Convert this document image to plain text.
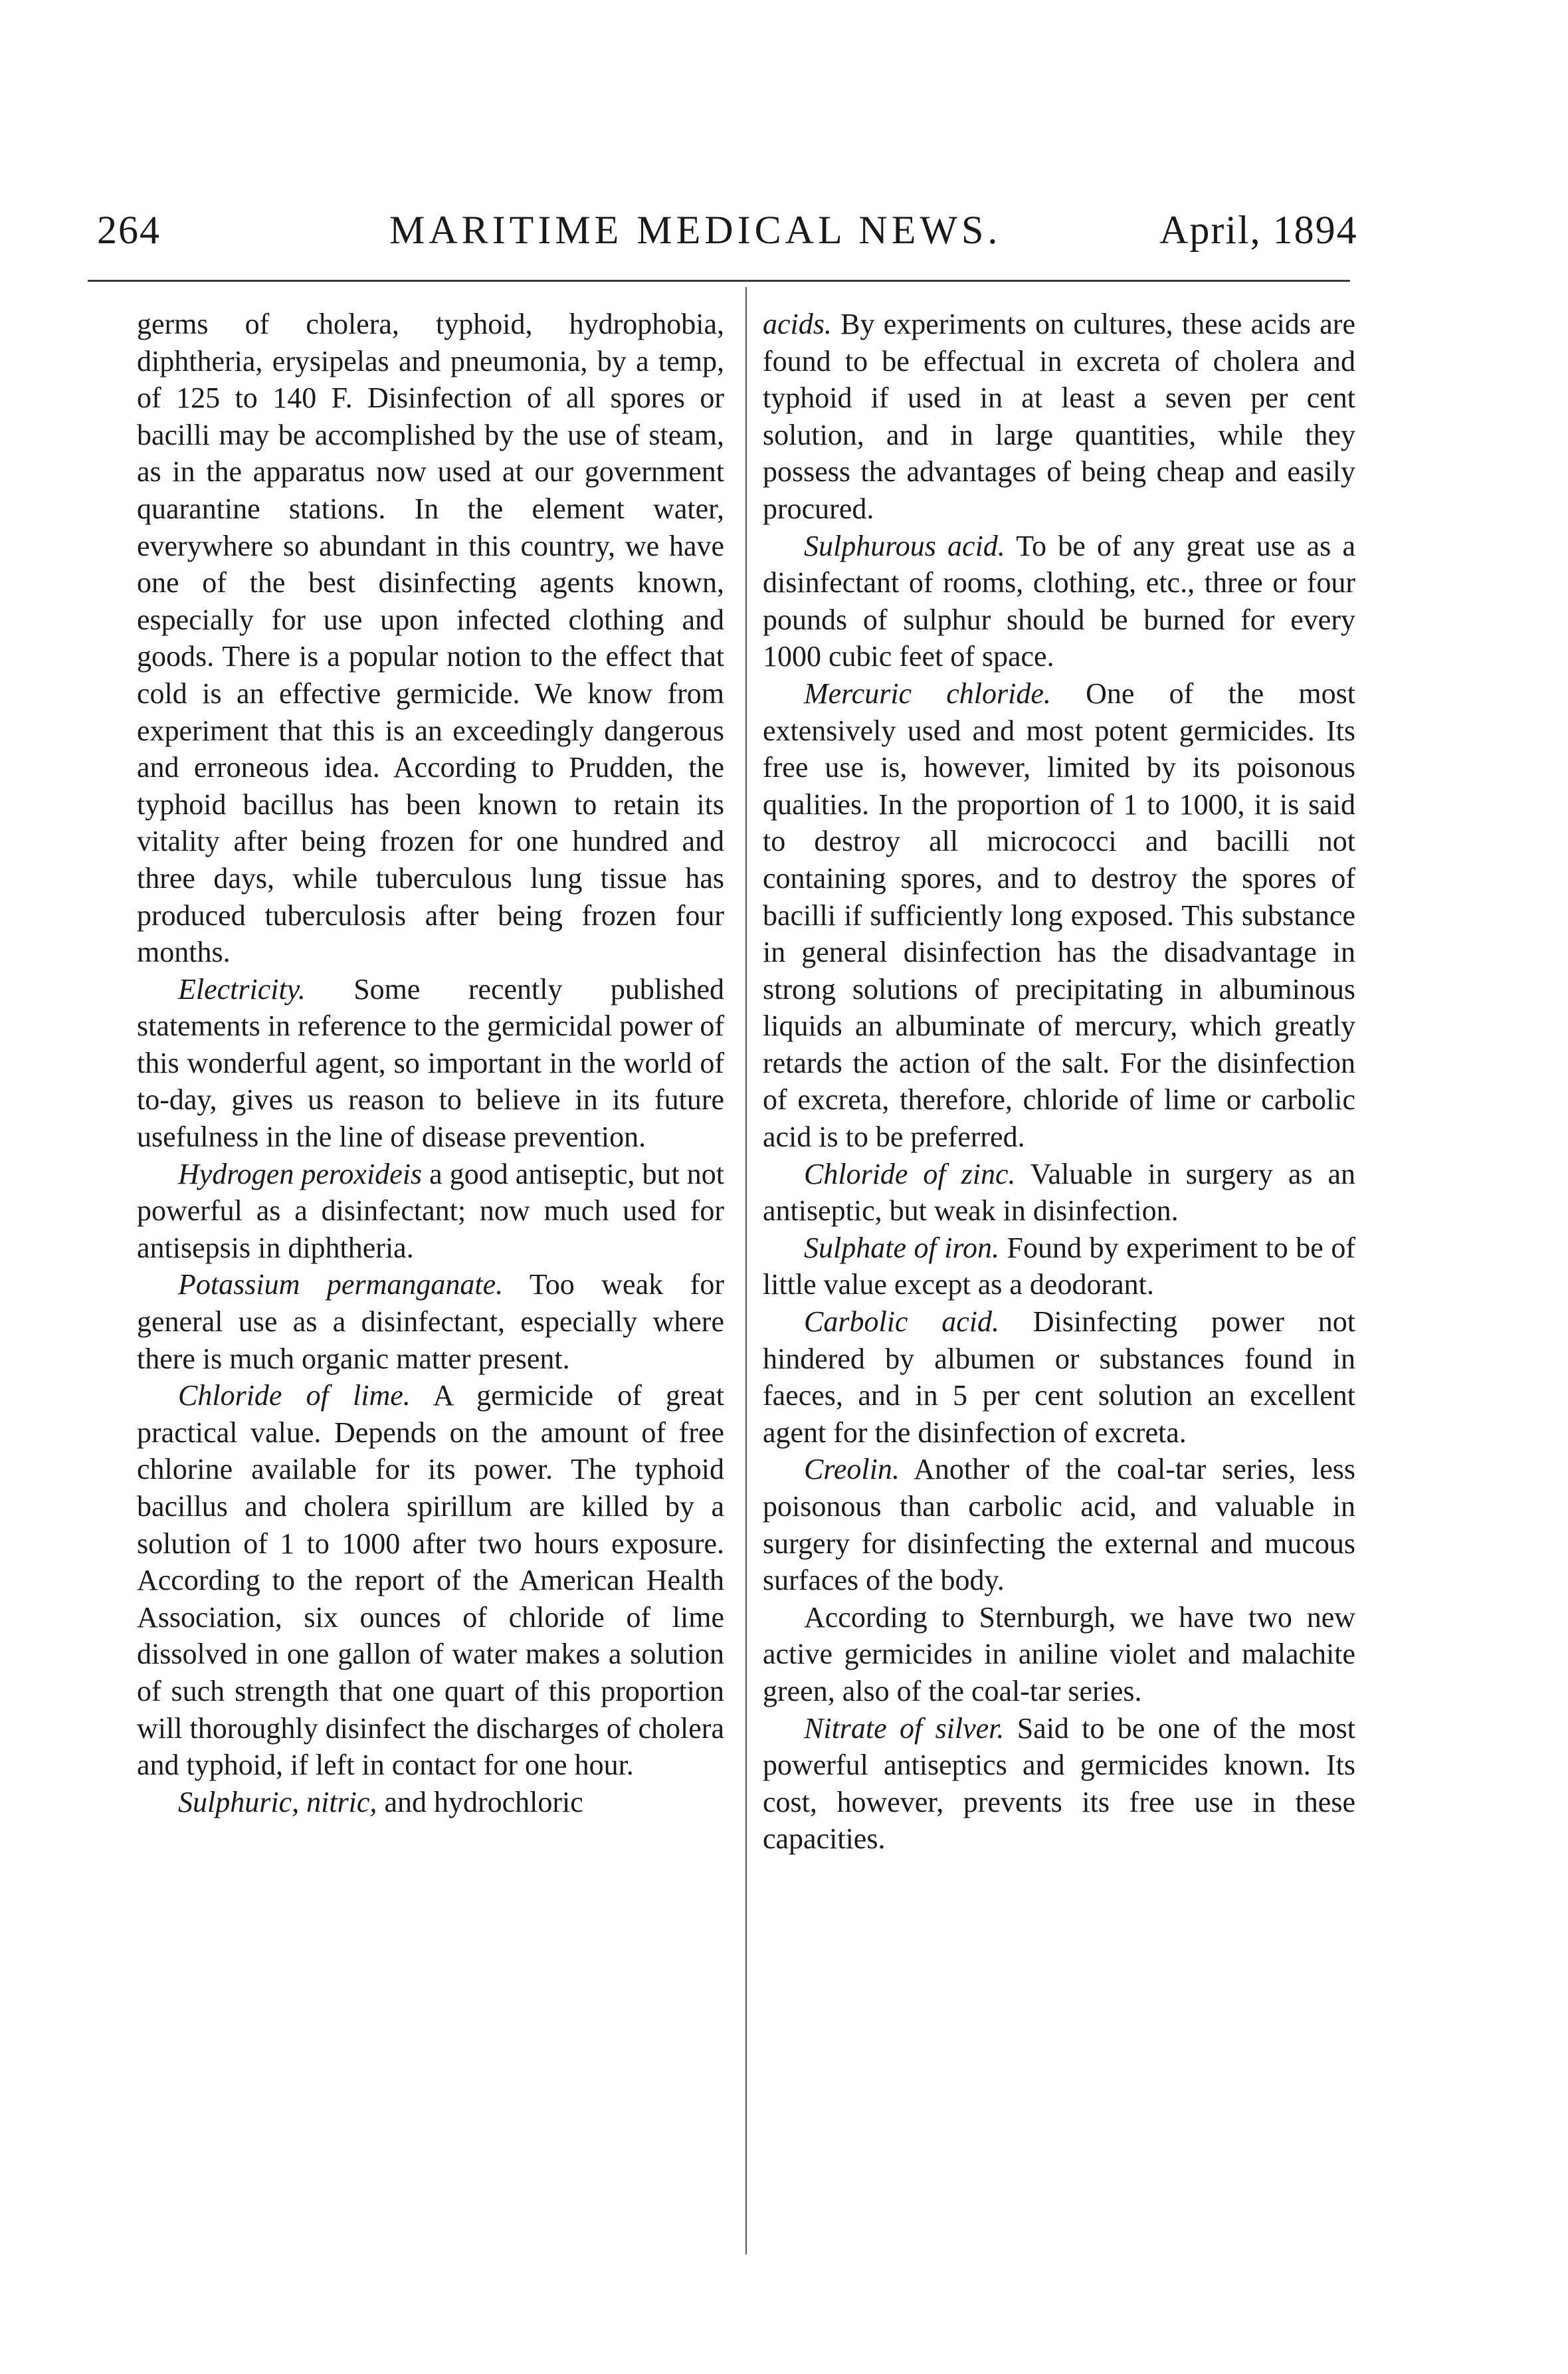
264	MARITIME MEDICAL NEWS.	April, 1894

germs of cholera, typhoid, hydrophobia, diphtheria, erysipelas and pneumonia, by a temp, of 125 to 140 F. Disinfection of all spores or bacilli may be accomplished by the use of steam, as in the apparatus now used at our government quarantine stations. In the element water, everywhere so abundant in this country, we have one of the best disinfecting agents known, especially for use upon infected clothing and goods. There is a popular notion to the effect that cold is an effective germicide. We know from experiment that this is an exceedingly dangerous and erroneous idea. According to Prudden, the typhoid bacillus has been known to retain its vitality after being frozen for one hundred and three days, while tuberculous lung tissue has produced tuberculosis after being frozen four months.

Electricity. Some recently published statements in reference to the germicidal power of this wonderful agent, so important in the world of to-day, gives us reason to believe in its future usefulness in the line of disease prevention.

Hydrogen peroxideis a good antiseptic, but not powerful as a disinfectant; now much used for antisepsis in diphtheria.

Potassium permanganate. Too weak for general use as a disinfectant, especially where there is much organic matter present.

Chloride of lime. A germicide of great practical value. Depends on the amount of free chlorine available for its power. The typhoid bacillus and cholera spirillum are killed by a solution of 1 to 1000 after two hours exposure. According to the report of the American Health Association, six ounces of chloride of lime dissolved in one gallon of water makes a solution of such strength that one quart of this proportion will thoroughly disinfect the discharges of cholera and typhoid, if left in contact for one hour.

Sulphuric, nitric, and hydrochloric

acids. By experiments on cultures, these acids are found to be effectual in excreta of cholera and typhoid if used in at least a seven per cent solution, and in large quantities, while they possess the advantages of being cheap and easily procured.

Sulphurous acid. To be of any great use as a disinfectant of rooms, clothing, etc., three or four pounds of sulphur should be burned for every 1000 cubic feet of space.

Mercuric chloride. One of the most extensively used and most potent germicides. Its free use is, however, limited by its poisonous qualities. In the proportion of 1 to 1000, it is said to destroy all micrococci and bacilli not containing spores, and to destroy the spores of bacilli if sufficiently long exposed. This substance in general disinfection has the disadvantage in strong solutions of precipitating in albuminous liquids an albuminate of mercury, which greatly retards the action of the salt. For the disinfection of excreta, therefore, chloride of lime or carbolic acid is to be preferred.

Chloride of zinc. Valuable in surgery as an antiseptic, but weak in disinfection.

Sulphate of iron. Found by experiment to be of little value except as a deodorant.

Carbolic acid. Disinfecting power not hindered by albumen or substances found in faeces, and in 5 per cent solution an excellent agent for the disinfection of excreta.

Creolin. Another of the coal-tar series, less poisonous than carbolic acid, and valuable in surgery for disinfecting the external and mucous surfaces of the body.

According to Sternburgh, we have two new active germicides in aniline violet and malachite green, also of the coal-tar series.

Nitrate of silver. Said to be one of the most powerful antiseptics and germicides known. Its cost, however, prevents its free use in these capacities.
